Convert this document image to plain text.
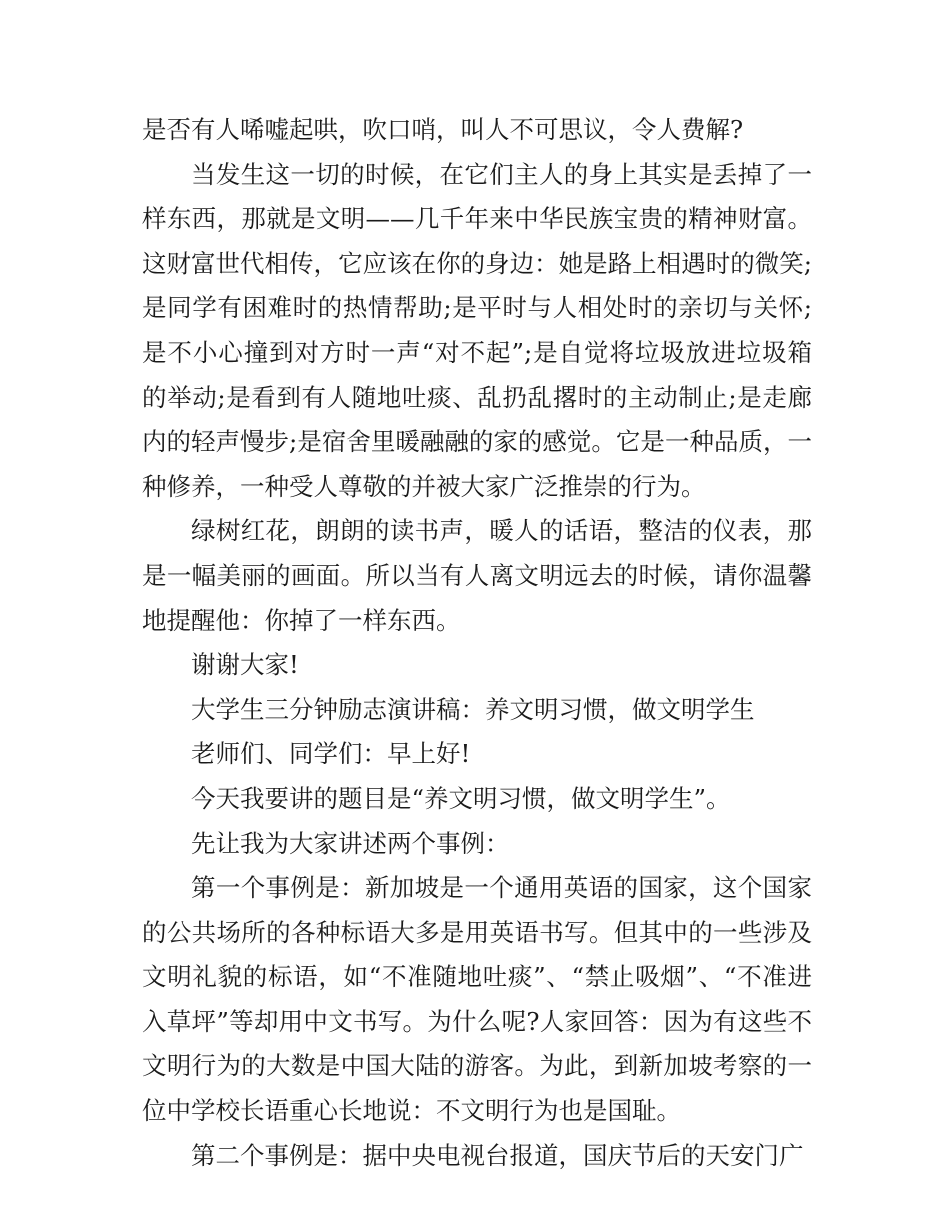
是否有人唏嘘起哄，吹口哨，叫人不可思议，令人费解?

当发生这一切的时候，在它们主人的身上其实是丢掉了一样东西，那就是文明——几千年来中华民族宝贵的精神财富。这财富世代相传，它应该在你的身边：她是路上相遇时的微笑;是同学有困难时的热情帮助;是平时与人相处时的亲切与关怀;是不小心撞到对方时一声“对不起”;是自觉将垃圾放进垃圾箱的举动;是看到有人随地吐痰、乱扔乱撂时的主动制止;是走廊内的轻声慢步;是宿舍里暖融融的家的感觉。它是一种品质，一种修养，一种受人尊敬的并被大家广泛推崇的行为。

绿树红花，朗朗的读书声，暖人的话语，整洁的仪表，那是一幅美丽的画面。所以当有人离文明远去的时候，请你温馨地提醒他：你掉了一样东西。

谢谢大家!

大学生三分钟励志演讲稿：养文明习惯，做文明学生

老师们、同学们：早上好!

今天我要讲的题目是“养文明习惯，做文明学生”。

先让我为大家讲述两个事例：

第一个事例是：新加坡是一个通用英语的国家，这个国家的公共场所的各种标语大多是用英语书写。但其中的一些涉及文明礼貌的标语，如“不准随地吐痰”、“禁止吸烟”、“不准进入草坪”等却用中文书写。为什么呢?人家回答：因为有这些不文明行为的大数是中国大陆的游客。为此，到新加坡考察的一位中学校长语重心长地说：不文明行为也是国耻。

第二个事例是：据中央电视台报道，国庆节后的天安门广
